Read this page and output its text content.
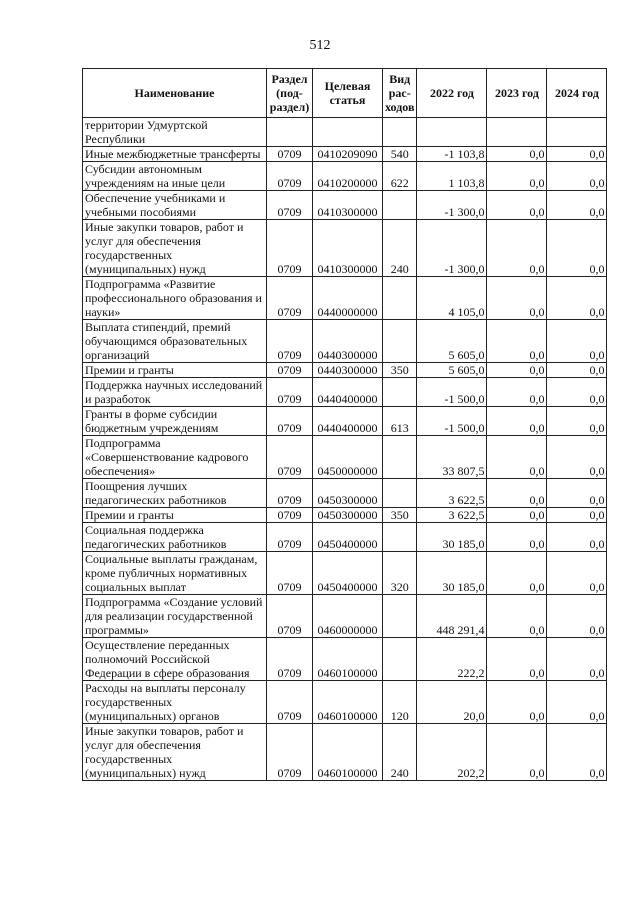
512
Наименование	Раздел (под-раздел)	Целевая статья	Вид рас-ходов	2022 год	2023 год	2024 год
территории Удмуртской Республики						
Иные межбюджетные трансферты	0709	0410209090	540	-1 103,8	0,0	0,0
Субсидии автономным учреждениям на иные цели	0709	0410200000	622	1 103,8	0,0	0,0
Обеспечение учебниками и учебными пособиями	0709	0410300000		-1 300,0	0,0	0,0
Иные закупки товаров, работ и услуг для обеспечения государственных (муниципальных) нужд	0709	0410300000	240	-1 300,0	0,0	0,0
Подпрограмма «Развитие профессионального образования и науки»	0709	0440000000		4 105,0	0,0	0,0
Выплата стипендий, премий обучающимся образовательных организаций	0709	0440300000		5 605,0	0,0	0,0
Премии и гранты	0709	0440300000	350	5 605,0	0,0	0,0
Поддержка научных исследований и разработок	0709	0440400000		-1 500,0	0,0	0,0
Гранты в форме субсидии бюджетным учреждениям	0709	0440400000	613	-1 500,0	0,0	0,0
Подпрограмма «Совершенствование кадрового обеспечения»	0709	0450000000		33 807,5	0,0	0,0
Поощрения лучших педагогических работников	0709	0450300000		3 622,5	0,0	0,0
Премии и гранты	0709	0450300000	350	3 622,5	0,0	0,0
Социальная поддержка педагогических работников	0709	0450400000		30 185,0	0,0	0,0
Социальные выплаты гражданам, кроме публичных нормативных социальных выплат	0709	0450400000	320	30 185,0	0,0	0,0
Подпрограмма «Создание условий для реализации государственной программы»	0709	0460000000		448 291,4	0,0	0,0
Осуществление переданных полномочий Российской Федерации в сфере образования	0709	0460100000		222,2	0,0	0,0
Расходы на выплаты персоналу государственных (муниципальных) органов	0709	0460100000	120	20,0	0,0	0,0
Иные закупки товаров, работ и услуг для обеспечения государственных (муниципальных) нужд	0709	0460100000	240	202,2	0,0	0,0
